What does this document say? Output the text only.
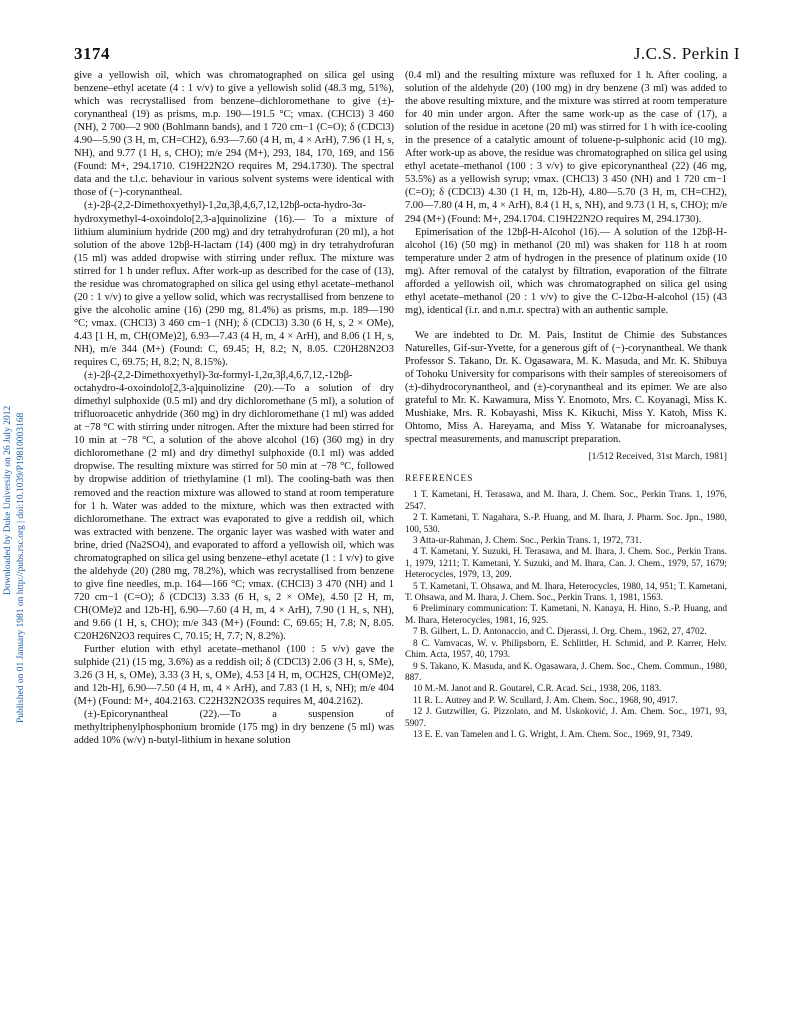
3174	J.C.S. Perkin I
Downloaded by Duke University on 26 July 2012 Published on 01 January 1981 on http://pubs.rsc.org | doi:10.1039/P19810003168

give a yellowish oil, which was chromatographed on silica gel using benzene–ethyl acetate (4 : 1 v/v) to give a yellowish solid (48.3 mg, 51%), which was recrystallised from benzene–dichloromethane to give (±)-corynantheal (19) as prisms, m.p. 190—191.5 °C; νmax. (CHCl3) 3 460 (NH), 2 700—2 900 (Bohlmann bands), and 1 720 cm−1 (C=O); δ (CDCl3) 4.90—5.90 (3 H, m, CH=CH2), 6.93—7.60 (4 H, m, 4 × ArH), 7.96 (1 H, s, NH), and 9.77 (1 H, s, CHO); m/e 294 (M+), 293, 184, 170, 169, and 156 (Found: M+, 294.1710. C19H22N2O requires M, 294.1730). The spectral data and the t.l.c. behaviour in various solvent systems were identical with those of (−)-corynantheal.

(±)-2β-(2,2-Dimethoxyethyl)-1,2α,3β,4,6,7,12,12bβ-octa-hydro-3α-hydroxymethyl-4-oxoindolo[2,3-a]quinolizine (16).— To a mixture of lithium aluminium hydride (200 mg) and dry tetrahydrofuran (20 ml), a hot solution of the above 12bβ-H-lactam (14) (400 mg) in dry tetrahydrofuran (15 ml) was added dropwise with stirring under reflux. The mixture was stirred for 1 h under reflux. After work-up as described for the case of (13), the residue was chromatographed on silica gel using ethyl acetate–methanol (20 : 1 v/v) to give a yellow solid, which was recrystallised from benzene to give the alcoholic amine (16) (290 mg, 81.4%) as prisms, m.p. 189—190 °C; νmax. (CHCl3) 3 460 cm−1 (NH); δ (CDCl3) 3.30 (6 H, s, 2 × OMe), 4.43 [1 H, m, CH(OMe)2], 6.93—7.43 (4 H, m, 4 × ArH), and 8.06 (1 H, s, NH), m/e 344 (M+) (Found: C, 69.45; H, 8.2; N, 8.05. C20H28N2O3 requires C, 69.75; H, 8.2; N, 8.15%).

(±)-2β-(2,2-Dimethoxyethyl)-3α-formyl-1,2α,3β,4,6,7,12,-12bβ-octahydro-4-oxoindolo[2,3-a]quinolizine (20).—To a solution of dry dimethyl sulphoxide (0.5 ml) and dry dichloromethane (5 ml), a solution of trifluoroacetic anhydride (360 mg) in dry dichloromethane (1 ml) was added at −78 °C with stirring under nitrogen. After the mixture had been stirred for 10 min at −78 °C, a solution of the above alcohol (16) (360 mg) in dry dichloromethane (2 ml) and dry dimethyl sulphoxide (0.1 ml) was added dropwise. The resulting mixture was stirred for 50 min at −78 °C, followed by dropwise addition of triethylamine (1 ml). The cooling-bath was then removed and the reaction mixture was allowed to stand at room temperature for 1 h. Water was added to the mixture, which was then extracted with dichloromethane. The extract was evaporated to give a reddish oil, which was extracted with benzene. The organic layer was washed with water and brine, dried (Na2SO4), and evaporated to afford a yellowish oil, which was chromatographed on silica gel using benzene–ethyl acetate (1 : 1 v/v) to give the aldehyde (20) (280 mg, 78.2%), which was recrystallised from benzene to give fine needles, m.p. 164—166 °C; νmax. (CHCl3) 3 470 (NH) and 1 720 cm−1 (C=O); δ (CDCl3) 3.33 (6 H, s, 2 × OMe), 4.50 [2 H, m, CH(OMe)2 and 12b-H], 6.90—7.60 (4 H, m, 4 × ArH), 7.90 (1 H, s, NH), and 9.66 (1 H, s, CHO); m/e 343 (M+) (Found: C, 69.65; H, 7.8; N, 8.05. C20H26N2O3 requires C, 70.15; H, 7.7; N, 8.2%).

Further elution with ethyl acetate–methanol (100 : 5 v/v) gave the sulphide (21) (15 mg, 3.6%) as a reddish oil; δ (CDCl3) 2.06 (3 H, s, SMe), 3.26 (3 H, s, OMe), 3.33 (3 H, s, OMe), 4.53 [4 H, m, OCH2S, CH(OMe)2, and 12b-H], 6.90—7.50 (4 H, m, 4 × ArH), and 7.83 (1 H, s, NH); m/e 404 (M+) (Found: M+, 404.2163. C22H32N2O3S requires M, 404.2162).

(±)-Epicorynantheal (22).—To a suspension of methyltriphenylphosphonium bromide (175 mg) in dry benzene (5 ml) was added 10% (w/v) n-butyl-lithium in hexane solution

(0.4 ml) and the resulting mixture was refluxed for 1 h. After cooling, a solution of the aldehyde (20) (100 mg) in dry benzene (3 ml) was added to the above resulting mixture, and the mixture was stirred at room temperature for 40 min under argon. After the same work-up as the case of (17), a solution of the residue in acetone (20 ml) was stirred for 1 h with ice-cooling in the presence of a catalytic amount of toluene-p-sulphonic acid (10 mg). After work-up as above, the residue was chromatographed on silica gel using ethyl acetate–methanol (100 : 3 v/v) to give epicorynantheal (22) (46 mg, 53.5%) as a yellowish syrup; νmax. (CHCl3) 3 450 (NH) and 1 720 cm−1 (C=O); δ (CDCl3) 4.30 (1 H, m, 12b-H), 4.80—5.70 (3 H, m, CH=CH2), 7.00—7.80 (4 H, m, 4 × ArH), 8.4 (1 H, s, NH), and 9.73 (1 H, s, CHO); m/e 294 (M+) (Found: M+, 294.1704. C19H22N2O requires M, 294.1730).

Epimerisation of the 12bβ-H-Alcohol (16).— A solution of the 12bβ-H-alcohol (16) (50 mg) in methanol (20 ml) was shaken for 118 h at room temperature under 2 atm of hydrogen in the presence of platinum oxide (10 mg). After removal of the catalyst by filtration, evaporation of the filtrate afforded a yellowish oil, which was chromatographed on silica gel using ethyl acetate–methanol (20 : 1 v/v) to give the C-12bα-H-alcohol (15) (43 mg), identical (i.r. and n.m.r. spectra) with an authentic sample.

We are indebted to Dr. M. Pais, Institut de Chimie des Substances Naturelles, Gif-sur-Yvette, for a generous gift of (−)-corynantheal. We thank Professor S. Takano, Dr. K. Ogasawara, M. K. Masuda, and Mr. K. Shibuya of Tohoku University for comparisons with their samples of stereoisomers of (±)-dihydrocorynantheol, and (±)-corynantheal and its epimer. We are also grateful to Mr. K. Kawamura, Miss Y. Enomoto, Mrs. C. Koyanagi, Miss K. Mushiake, Mrs. R. Kobayashi, Miss K. Kikuchi, Miss Y. Katoh, Miss K. Ohtomo, Miss A. Hareyama, and Miss Y. Watanabe for microanalyses, spectral measurements, and manuscript preparation.

[1/512 Received, 31st March, 1981]
REFERENCES

1 T. Kametani, H. Terasawa, and M. Ihara, J. Chem. Soc., Perkin Trans. 1, 1976, 2547.

2 T. Kametani, T. Nagahara, S.-P. Huang, and M. Ihara, J. Pharm. Soc. Jpn., 1980, 100, 530.

3 Atta-ur-Rahman, J. Chem. Soc., Perkin Trans. 1, 1972, 731.

4 T. Kametani, Y. Suzuki, H. Terasawa, and M. Ihara, J. Chem. Soc., Perkin Trans. 1, 1979, 1211; T. Kametani, Y. Suzuki, and M. Ihara, Can. J. Chem., 1979, 57, 1679; Heterocycles, 1979, 13, 209.

5 T. Kametani, T. Ohsawa, and M. Ihara, Heterocycles, 1980, 14, 951; T. Kametani, T. Ohsawa, and M. Ihara, J. Chem. Soc., Perkin Trans. 1, 1981, 1563.

6 Preliminary communication: T. Kametani, N. Kanaya, H. Hino, S.-P. Huang, and M. Ihara, Heterocycles, 1981, 16, 925.

7 B. Gilbert, L. D. Antonaccio, and C. Djerassi, J. Org. Chem., 1962, 27, 4702.

8 C. Vamvacas, W. v. Philipsborn, E. Schlittler, H. Schmid, and P. Karrer, Helv. Chim. Acta, 1957, 40, 1793.

9 S. Takano, K. Masuda, and K. Ogasawara, J. Chem. Soc., Chem. Commun., 1980, 887.

10 M.-M. Janot and R. Goutarel, C.R. Acad. Sci., 1938, 206, 1183.

11 R. L. Autrey and P. W. Scullard, J. Am. Chem. Soc., 1968, 90, 4917.

12 J. Gutzwiller, G. Pizzolato, and M. Uskoković, J. Am. Chem. Soc., 1971, 93, 5907.

13 E. E. van Tamelen and I. G. Wright, J. Am. Chem. Soc., 1969, 91, 7349.
